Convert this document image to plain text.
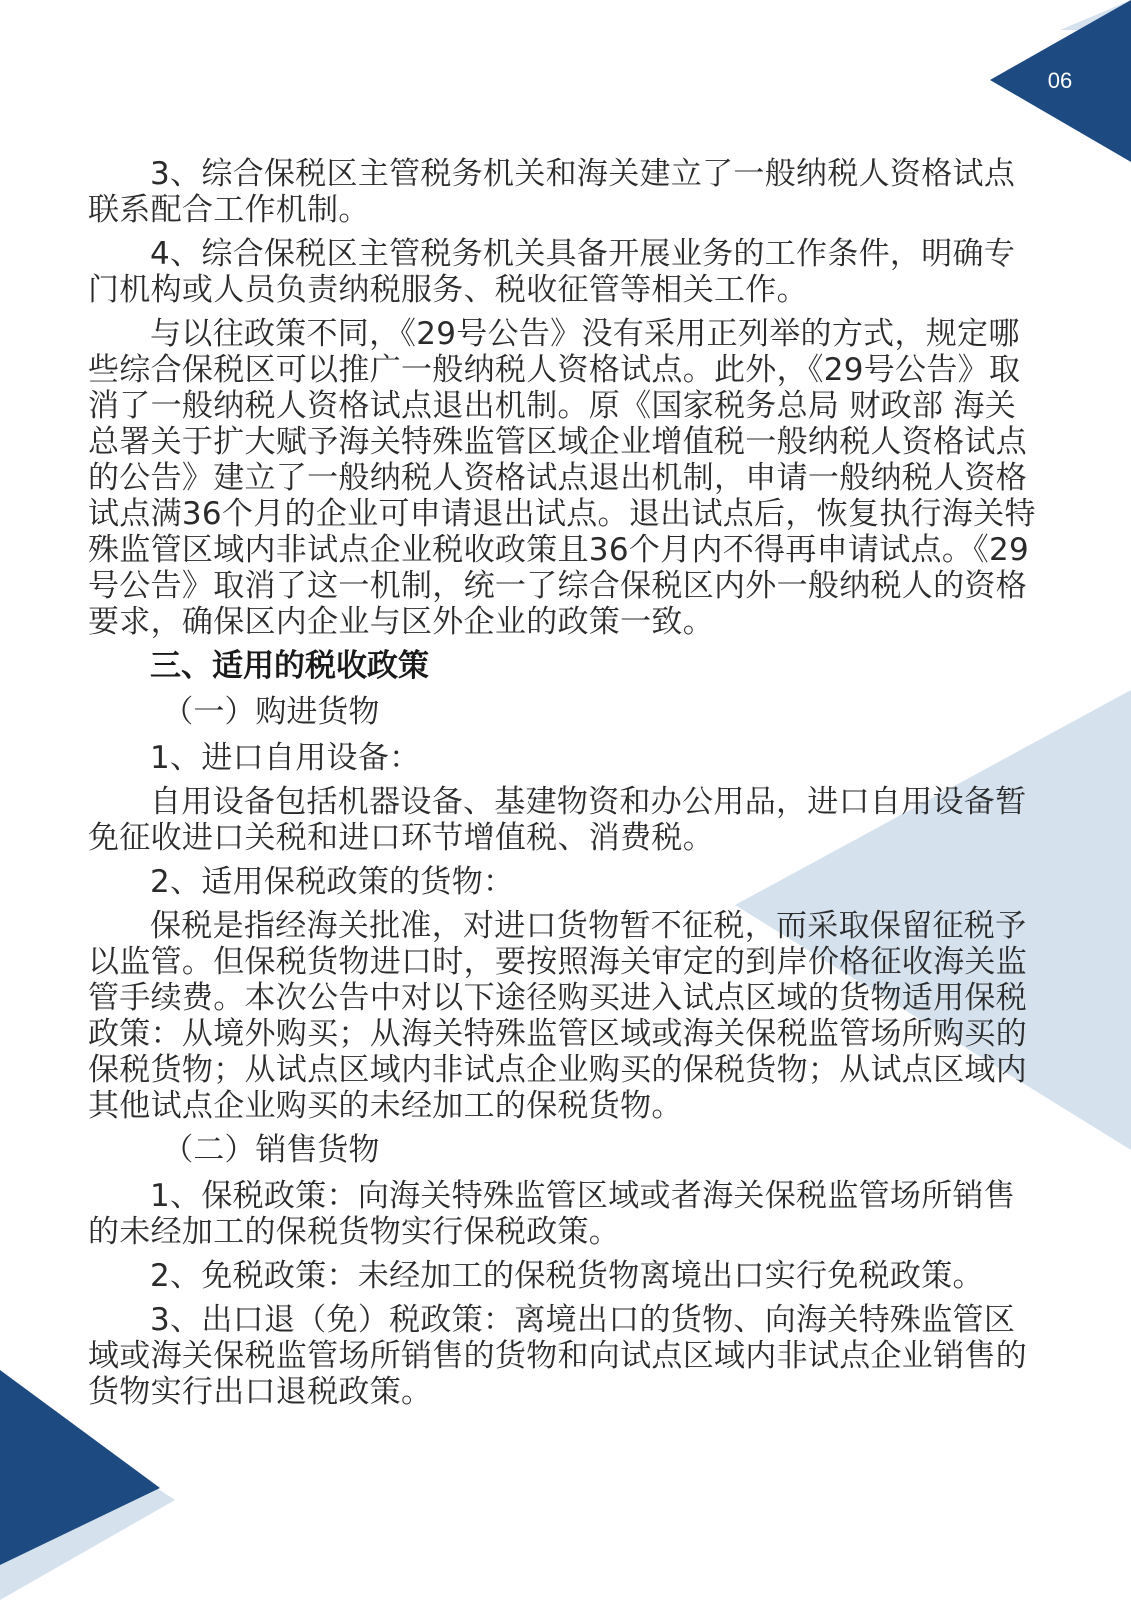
06

3、综合保税区主管税务机关和海关建立了一般纳税人资格试点联系配合工作机制。

4、综合保税区主管税务机关具备开展业务的工作条件，明确专门机构或人员负责纳税服务、税收征管等相关工作。

与以往政策不同，《29号公告》没有采用正列举的方式，规定哪些综合保税区可以推广一般纳税人资格试点。此外，《29号公告》取消了一般纳税人资格试点退出机制。原《国家税务总局 财政部 海关总署关于扩大赋予海关特殊监管区域企业增值税一般纳税人资格试点的公告》建立了一般纳税人资格试点退出机制，申请一般纳税人资格试点满36个月的企业可申请退出试点。退出试点后，恢复执行海关特殊监管区域内非试点企业税收政策且36个月内不得再申请试点。《29号公告》取消了这一机制，统一了综合保税区内外一般纳税人的资格要求，确保区内企业与区外企业的政策一致。

三、适用的税收政策

（一）购进货物

1、进口自用设备：

自用设备包括机器设备、基建物资和办公用品，进口自用设备暂免征收进口关税和进口环节增值税、消费税。

2、适用保税政策的货物：

保税是指经海关批准，对进口货物暂不征税，而采取保留征税予以监管。但保税货物进口时，要按照海关审定的到岸价格征收海关监管手续费。本次公告中对以下途径购买进入试点区域的货物适用保税政策：从境外购买；从海关特殊监管区域或海关保税监管场所购买的保税货物；从试点区域内非试点企业购买的保税货物；从试点区域内其他试点企业购买的未经加工的保税货物。

（二）销售货物

1、保税政策：向海关特殊监管区域或者海关保税监管场所销售的未经加工的保税货物实行保税政策。

2、免税政策：未经加工的保税货物离境出口实行免税政策。

3、出口退（免）税政策：离境出口的货物、向海关特殊监管区域或海关保税监管场所销售的货物和向试点区域内非试点企业销售的货物实行出口退税政策。
